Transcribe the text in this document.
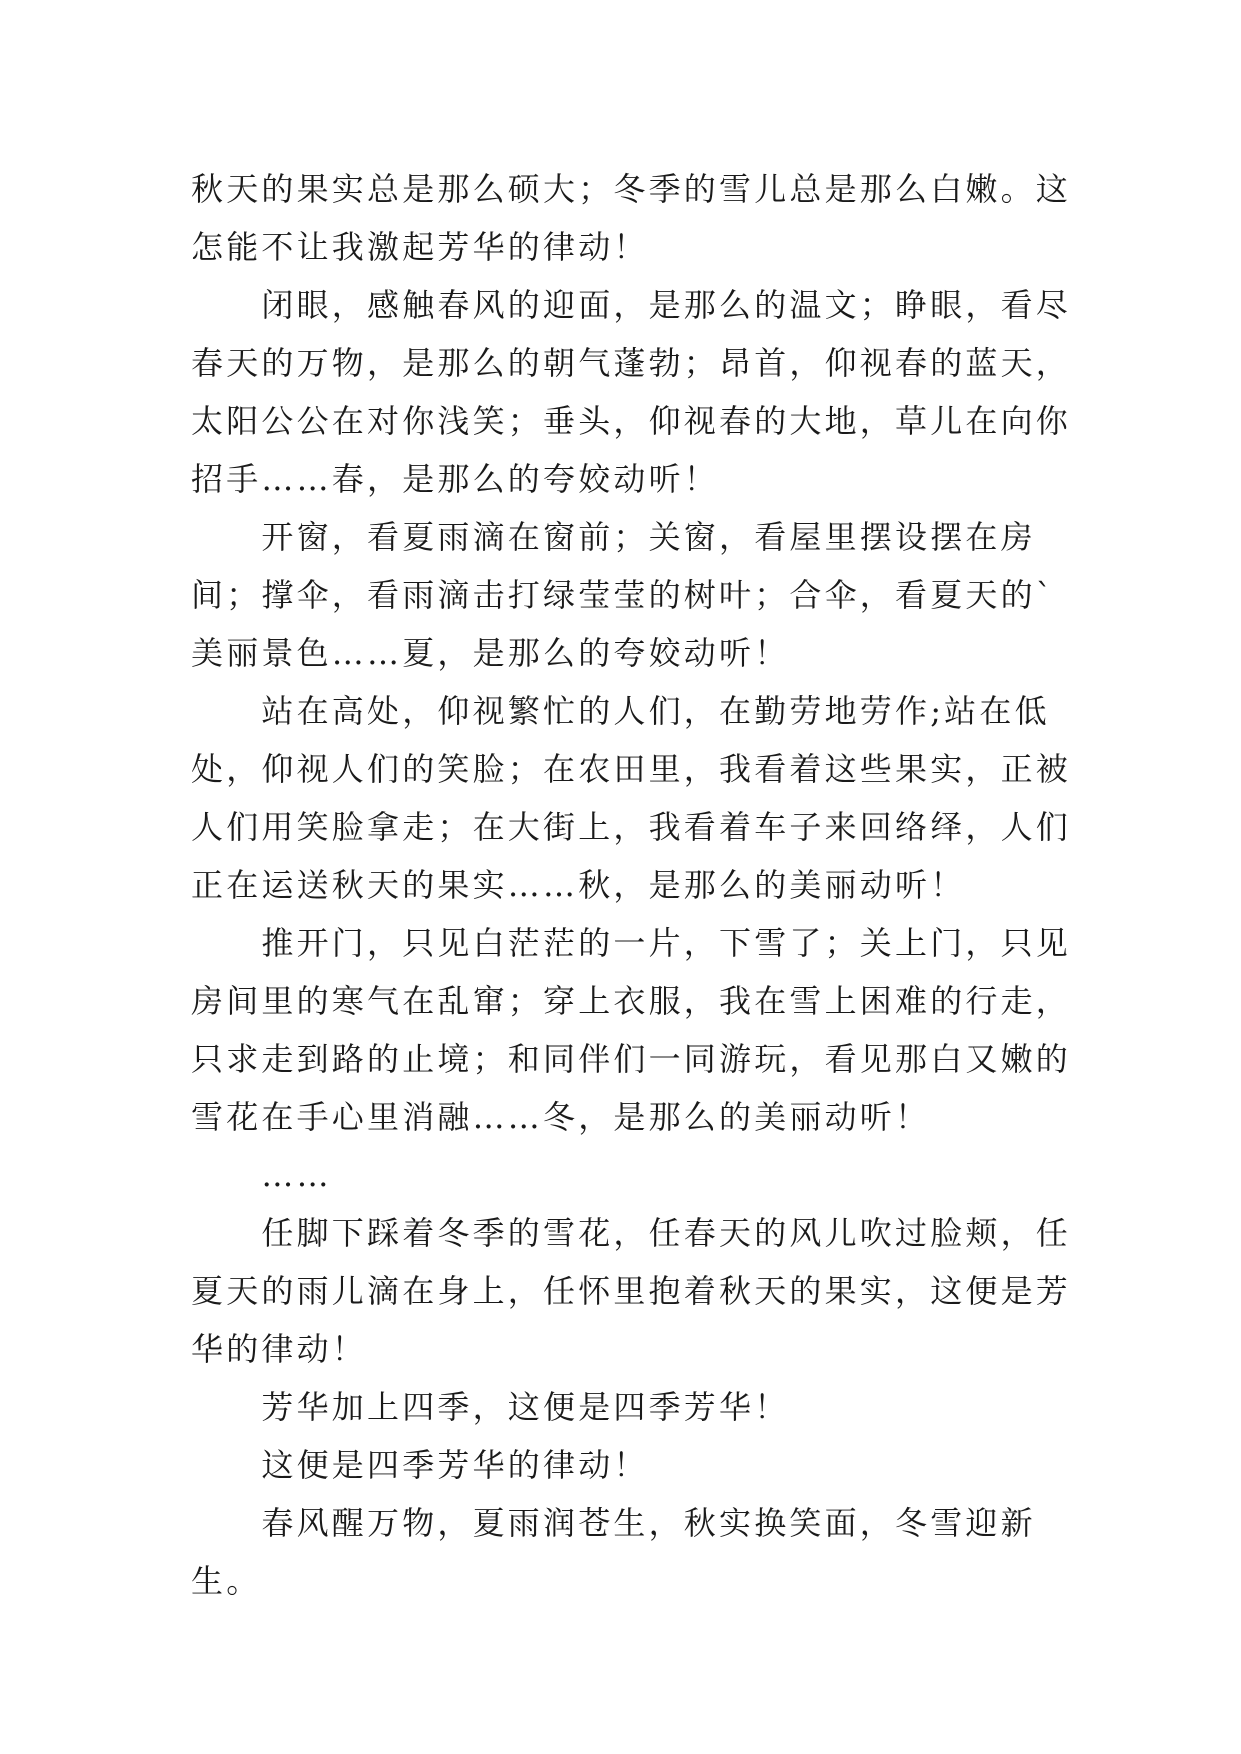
秋天的果实总是那么硕大；冬季的雪儿总是那么白嫩。这怎能不让我激起芳华的律动！

闭眼，感触春风的迎面，是那么的温文；睁眼，看尽春天的万物，是那么的朝气蓬勃；昂首，仰视春的蓝天，太阳公公在对你浅笑；垂头，仰视春的大地，草儿在向你招手……春，是那么的夸姣动听！

开窗，看夏雨滴在窗前；关窗，看屋里摆设摆在房间；撑伞，看雨滴击打绿莹莹的树叶；合伞，看夏天的`美丽景色……夏，是那么的夸姣动听！

站在高处，仰视繁忙的人们，在勤劳地劳作;站在低处，仰视人们的笑脸；在农田里，我看着这些果实，正被人们用笑脸拿走；在大街上，我看着车子来回络绎，人们正在运送秋天的果实……秋，是那么的美丽动听！

推开门，只见白茫茫的一片，下雪了；关上门，只见房间里的寒气在乱窜；穿上衣服，我在雪上困难的行走，只求走到路的止境；和同伴们一同游玩，看见那白又嫩的雪花在手心里消融……冬，是那么的美丽动听！

……

任脚下踩着冬季的雪花，任春天的风儿吹过脸颊，任夏天的雨儿滴在身上，任怀里抱着秋天的果实，这便是芳华的律动！

芳华加上四季，这便是四季芳华！

这便是四季芳华的律动！

春风醒万物，夏雨润苍生，秋实换笑面，冬雪迎新生。
